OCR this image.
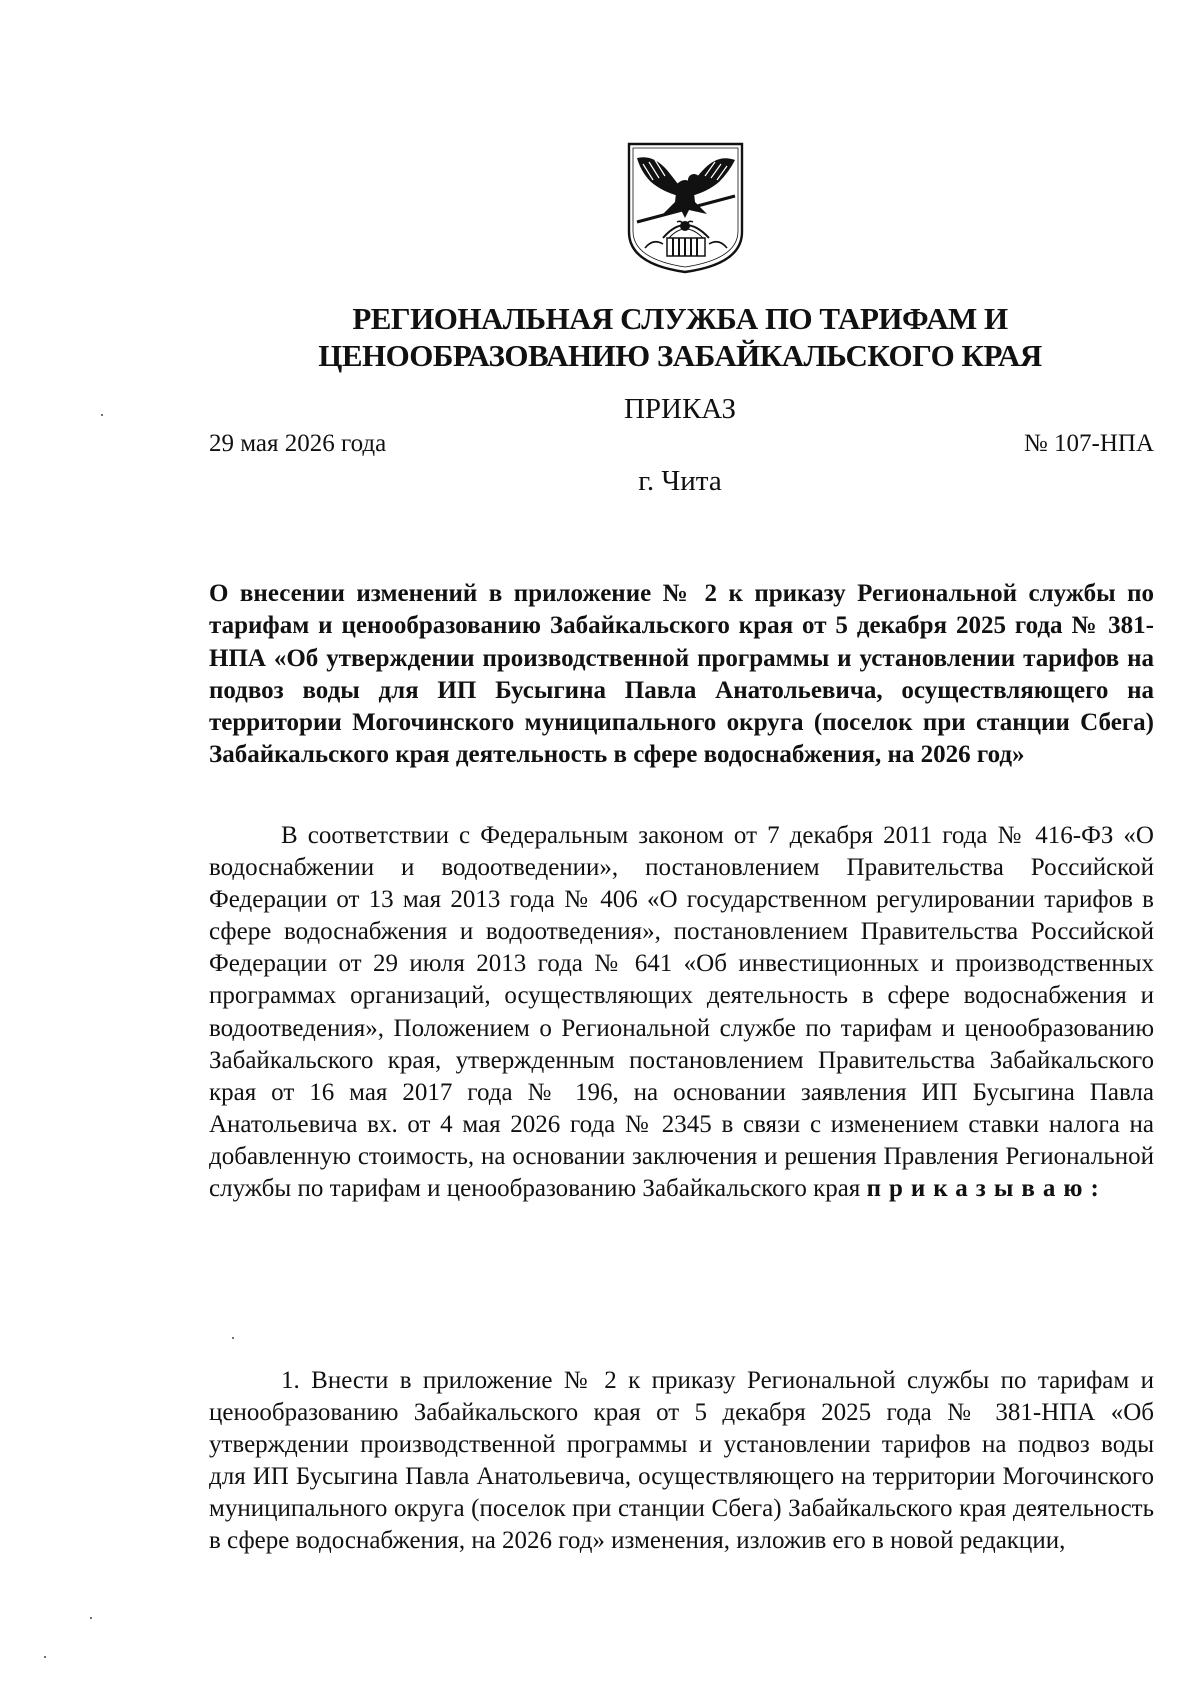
РЕГИОНАЛЬНАЯ СЛУЖБА ПО ТАРИФАМ И
ЦЕНООБРАЗОВАНИЮ ЗАБАЙКАЛЬСКОГО КРАЯ
ПРИКАЗ
29 мая 2026 года	№ 107-НПА
г. Чита

О внесении изменений в приложение № 2 к приказу Региональной службы по тарифам и ценообразованию Забайкальского края от 5 декабря 2025 года № 381-НПА «Об утверждении производственной программы и установлении тарифов на подвоз воды для ИП Бусыгина Павла Анатольевича, осуществляющего на территории Могочинского муниципального округа (поселок при станции Сбега) Забайкальского края деятельность в сфере водоснабжения, на 2026 год»

В соответствии с Федеральным законом от 7 декабря 2011 года № 416-ФЗ «О водоснабжении и водоотведении», постановлением Правительства Российской Федерации от 13 мая 2013 года № 406 «О государственном регулировании тарифов в сфере водоснабжения и водоотведения», постановлением Правительства Российской Федерации от 29 июля 2013 года № 641 «Об инвестиционных и производственных программах организаций, осуществляющих деятельность в сфере водоснабжения и водоотведения», Положением о Региональной службе по тарифам и ценообразованию Забайкальского края, утвержденным постановлением Правительства Забайкальского края от 16 мая 2017 года № 196, на основании заявления ИП Бусыгина Павла Анатольевича вх. от 4 мая 2026 года № 2345 в связи с изменением ставки налога на добавленную стоимость, на основании заключения и решения Правления Региональной службы по тарифам и ценообразованию Забайкальского края приказываю:

1. Внести в приложение № 2 к приказу Региональной службы по тарифам и ценообразованию Забайкальского края от 5 декабря 2025 года № 381-НПА «Об утверждении производственной программы и установлении тарифов на подвоз воды для ИП Бусыгина Павла Анатольевича, осуществляющего на территории Могочинского муниципального округа (поселок при станции Сбега) Забайкальского края деятельность в сфере водоснабжения, на 2026 год» изменения, изложив его в новой редакции,
